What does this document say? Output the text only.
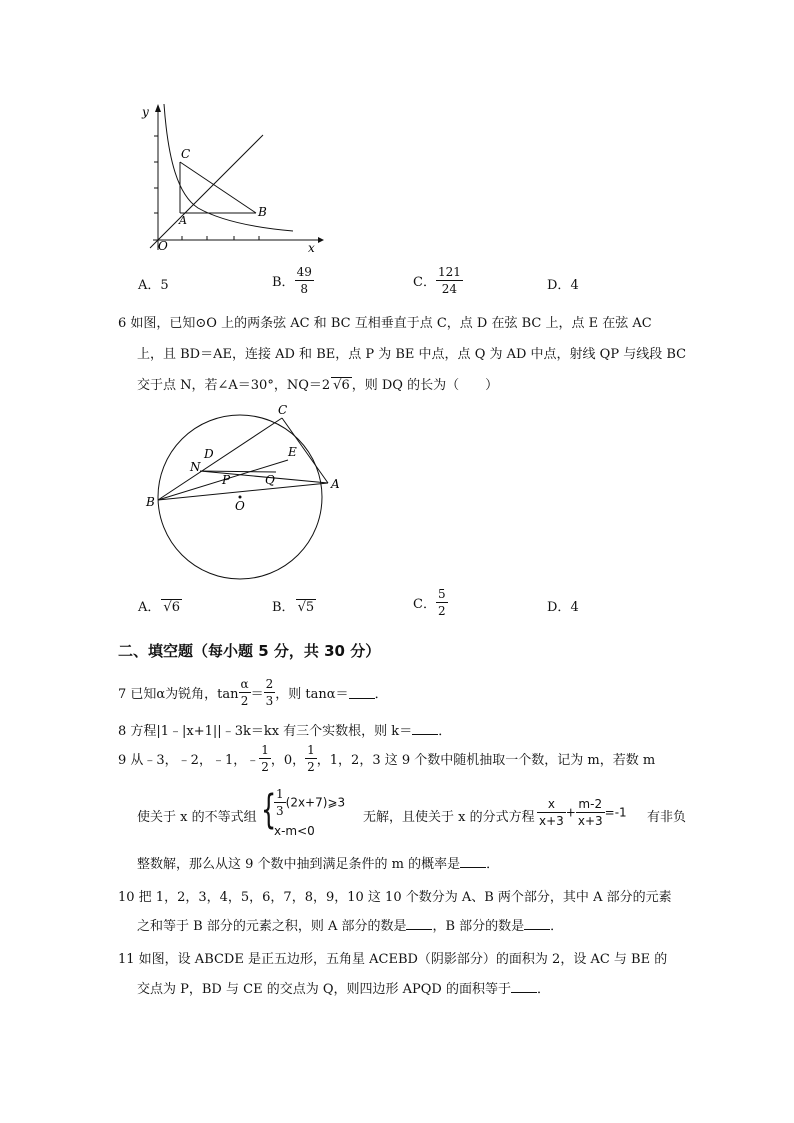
y
x
O
C
A
B
A．5	B． $\frac{49}{8}$	C． $\frac{121}{24}$	D．4
6 如图，已知⊙O 上的两条弦 AC 和 BC 互相垂直于点 C，点 D 在弦 BC 上，点 E 在弦 AC
上，且 BD＝AE，连接 AD 和 BE，点 P 为 BE 中点，点 Q 为 AD 中点，射线 QP 与线段 BC
交于点 N，若∠A＝30°，NQ＝2 √6 ，则 DQ 的长为（　　）
C
D
N
E
P	Q	A
B	O
A． √6	B． √5	C． $\frac{5}{2}$	D．4
二、填空题（每小题 5 分，共 30 分）
7 已知α为锐角，$\tan \frac{\alpha}{2} = \frac{2}{3}$ ，则 tanα＝ ．
8 方程|1﹣|x+1||﹣3k＝kx 有三个实数根，则 k＝ ．
9 从﹣3，﹣2，﹣1，﹣ $\frac{1}{2}$ ，0， $\frac{1}{2}$ ，1，2，3 这 9 个数中随机抽取一个数，记为 m，若数 m
使关于 x 的不等式组 {
$\frac{1}{3}$ (2x+7)⩾3
x-m<0
无解，且使关于 x 的分式方程 $\frac{x}{x+3} + \frac{m-2}{x+3} =-1$ 有非负
整数解，那么从这 9 个数中抽到满足条件的 m 的概率是 ．
10 把 1，2，3，4，5，6，7，8，9，10 这 10 个数分为 A、B 两个部分，其中 A 部分的元素
之和等于 B 部分的元素之积，则 A 部分的数是 ，B 部分的数是 ．
11 如图，设 ABCDE 是正五边形，五角星 ACEBD（阴影部分）的面积为 2，设 AC 与 BE 的
交点为 P，BD 与 CE 的交点为 Q，则四边形 APQD 的面积等于 ．
